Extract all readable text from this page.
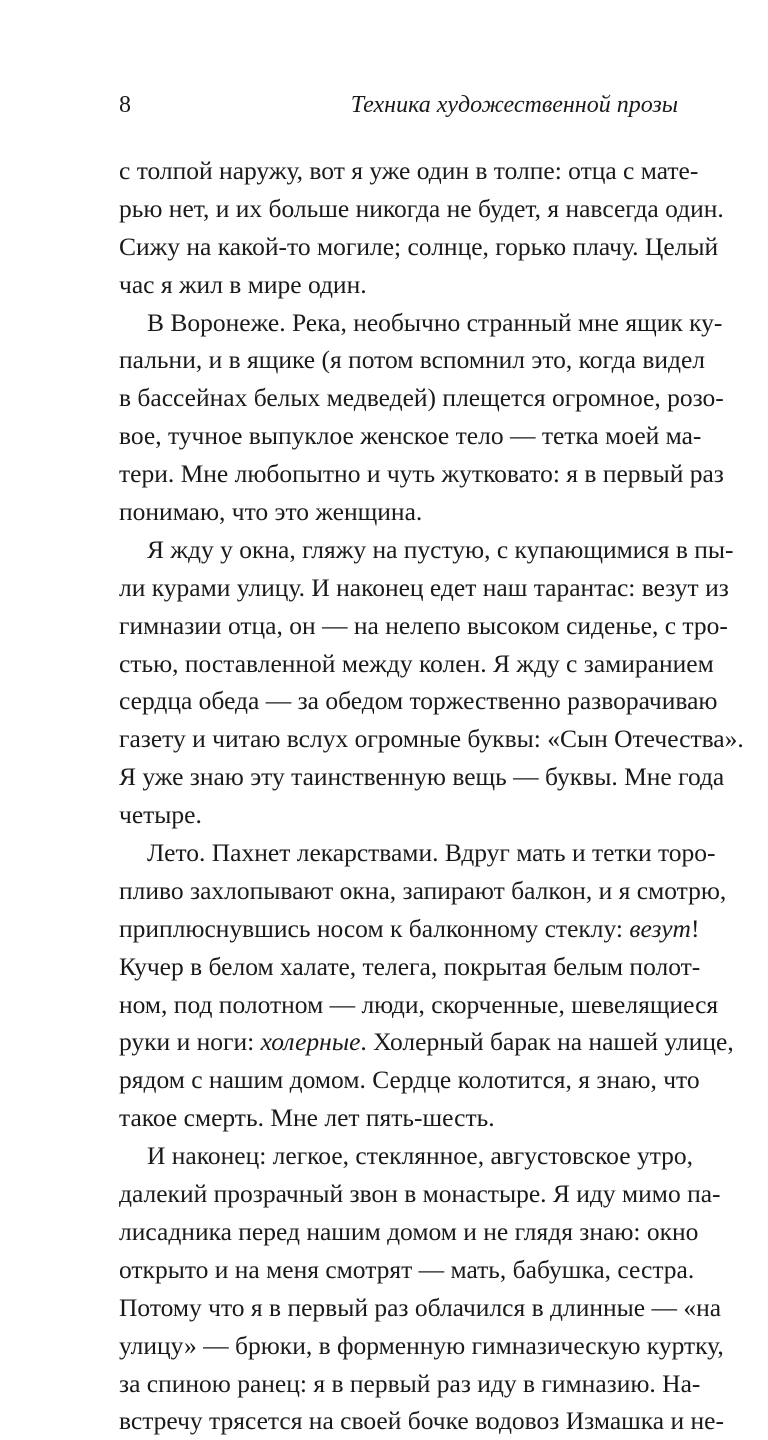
8	Техника художественной прозы
с толпой наружу, вот я уже один в толпе: отца с мате-
рью нет, и их больше никогда не будет, я навсегда один.
Сижу на какой-то могиле; солнце, горько плачу. Целый
час я жил в мире один.
В Воронеже. Река, необычно странный мне ящик ку-
пальни, и в ящике (я потом вспомнил это, когда видел
в бассейнах белых медведей) плещется огромное, розо-
вое, тучное выпуклое женское тело — тетка моей ма-
тери. Мне любопытно и чуть жутковато: я в первый раз
понимаю, что это женщина.
Я жду у окна, гляжу на пустую, с купающимися в пы-
ли курами улицу. И наконец едет наш тарантас: везут из
гимназии отца, он — на нелепо высоком сиденье, с тро-
стью, поставленной между колен. Я жду с замиранием
сердца обеда — за обедом торжественно разворачиваю
газету и читаю вслух огромные буквы: «Сын Отечества».
Я уже знаю эту таинственную вещь — буквы. Мне года
четыре.
Лето. Пахнет лекарствами. Вдруг мать и тетки торо-
пливо захлопывают окна, запирают балкон, и я смотрю,
приплюснувшись носом к балконному стеклу: везут!
Кучер в белом халате, телега, покрытая белым полот-
ном, под полотном — люди, скорченные, шевелящиеся
руки и ноги: холерные. Холерный барак на нашей улице,
рядом с нашим домом. Сердце колотится, я знаю, что
такое смерть. Мне лет пять-шесть.
И наконец: легкое, стеклянное, августовское утро,
далекий прозрачный звон в монастыре. Я иду мимо па-
лисадника перед нашим домом и не глядя знаю: окно
открыто и на меня смотрят — мать, бабушка, сестра.
Потому что я в первый раз облачился в длинные — «на
улицу» — брюки, в форменную гимназическую куртку,
за спиною ранец: я в первый раз иду в гимназию. На-
встречу трясется на своей бочке водовоз Измашка и не-
